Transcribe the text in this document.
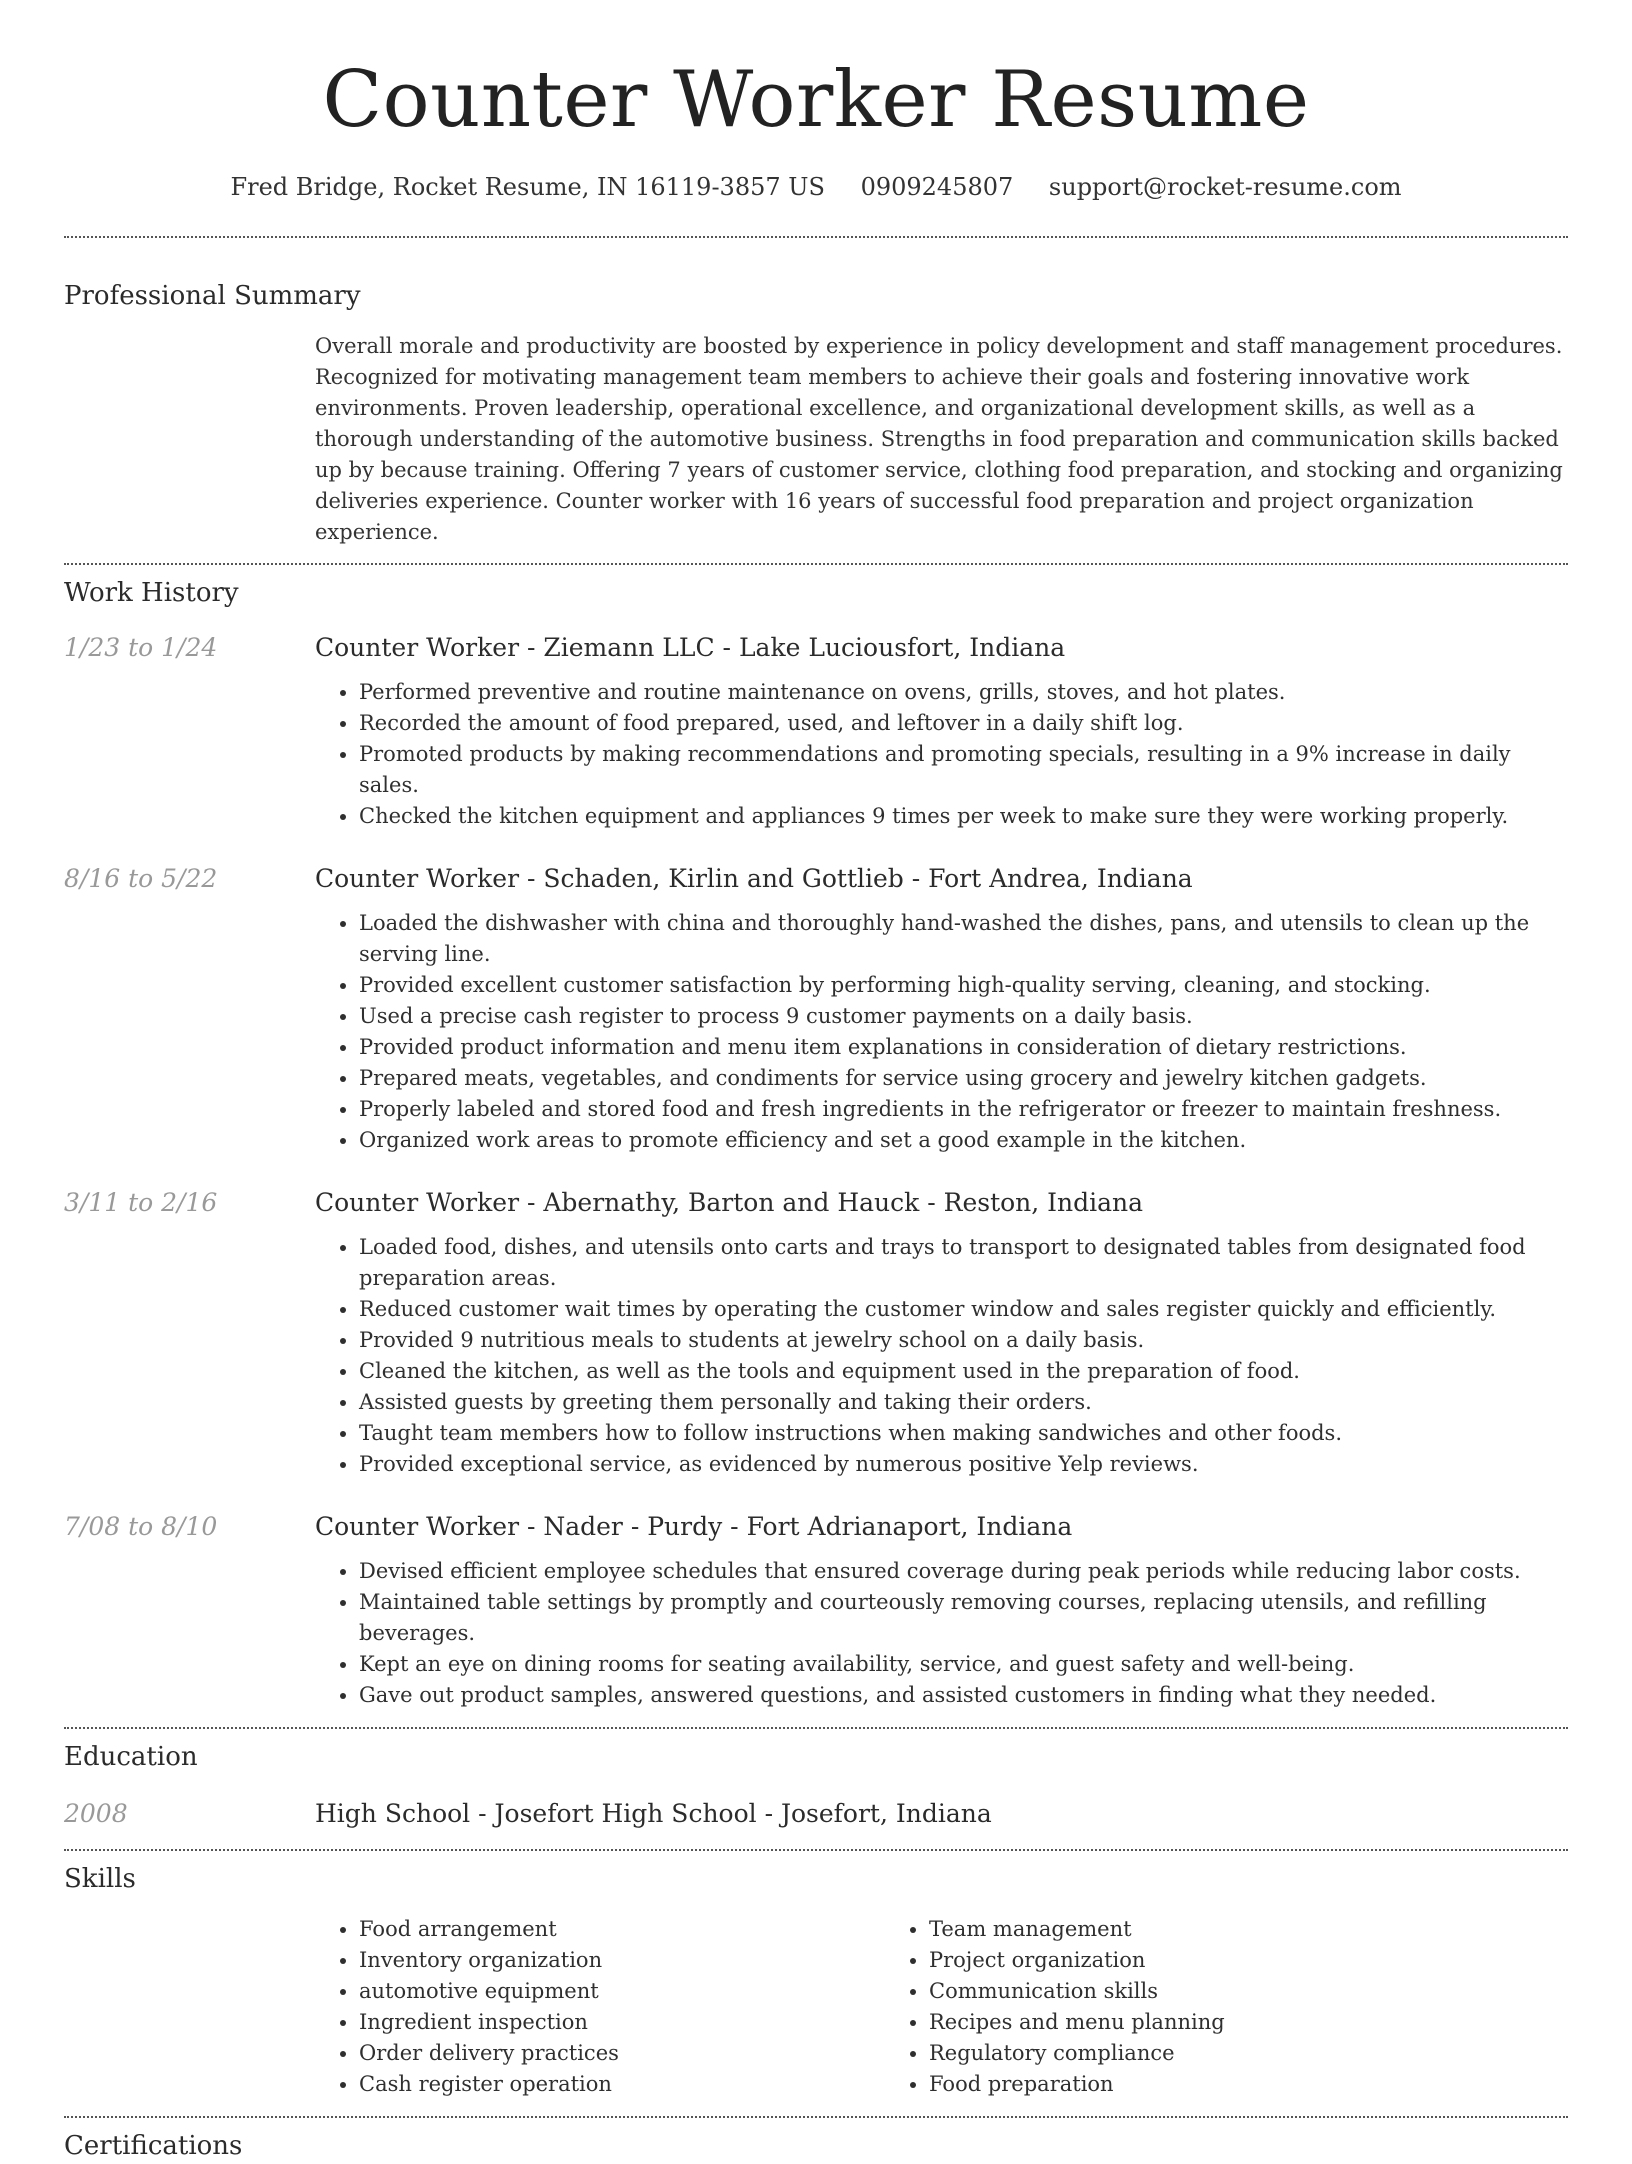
Counter Worker Resume
Fred Bridge, Rocket Resume, IN 16119-3857 US 0909245807 support@rocket-resume.com
Professional Summary

Overall morale and productivity are boosted by experience in policy development and staff management procedures. Recognized for motivating management team members to achieve their goals and fostering innovative work environments. Proven leadership, operational excellence, and organizational development skills, as well as a thorough understanding of the automotive business. Strengths in food preparation and communication skills backed up by because training. Offering 7 years of customer service, clothing food preparation, and stocking and organizing deliveries experience. Counter worker with 16 years of successful food preparation and project organization experience.

Work History
1/23 to 1/24	Counter Worker - Ziemann LLC - Lake Luciousfort, Indiana
• Performed preventive and routine maintenance on ovens, grills, stoves, and hot plates.
• Recorded the amount of food prepared, used, and leftover in a daily shift log.
• Promoted products by making recommendations and promoting specials, resulting in a 9% increase in daily sales.
• Checked the kitchen equipment and appliances 9 times per week to make sure they were working properly.
8/16 to 5/22	Counter Worker - Schaden, Kirlin and Gottlieb - Fort Andrea, Indiana
• Loaded the dishwasher with china and thoroughly hand-washed the dishes, pans, and utensils to clean up the serving line.
• Provided excellent customer satisfaction by performing high-quality serving, cleaning, and stocking.
• Used a precise cash register to process 9 customer payments on a daily basis.
• Provided product information and menu item explanations in consideration of dietary restrictions.
• Prepared meats, vegetables, and condiments for service using grocery and jewelry kitchen gadgets.
• Properly labeled and stored food and fresh ingredients in the refrigerator or freezer to maintain freshness.
• Organized work areas to promote efficiency and set a good example in the kitchen.
3/11 to 2/16	Counter Worker - Abernathy, Barton and Hauck - Reston, Indiana
• Loaded food, dishes, and utensils onto carts and trays to transport to designated tables from designated food preparation areas.
• Reduced customer wait times by operating the customer window and sales register quickly and efficiently.
• Provided 9 nutritious meals to students at jewelry school on a daily basis.
• Cleaned the kitchen, as well as the tools and equipment used in the preparation of food.
• Assisted guests by greeting them personally and taking their orders.
• Taught team members how to follow instructions when making sandwiches and other foods.
• Provided exceptional service, as evidenced by numerous positive Yelp reviews.
7/08 to 8/10	Counter Worker - Nader - Purdy - Fort Adrianaport, Indiana
• Devised efficient employee schedules that ensured coverage during peak periods while reducing labor costs.
• Maintained table settings by promptly and courteously removing courses, replacing utensils, and refilling beverages.
• Kept an eye on dining rooms for seating availability, service, and guest safety and well-being.
• Gave out product samples, answered questions, and assisted customers in finding what they needed.
Education
2008	High School - Josefort High School - Josefort, Indiana
Skills
• Food arrangement
• Inventory organization
• automotive equipment
• Ingredient inspection
• Order delivery practices
• Cash register operation
• Team management
• Project organization
• Communication skills
• Recipes and menu planning
• Regulatory compliance
• Food preparation
Certifications
